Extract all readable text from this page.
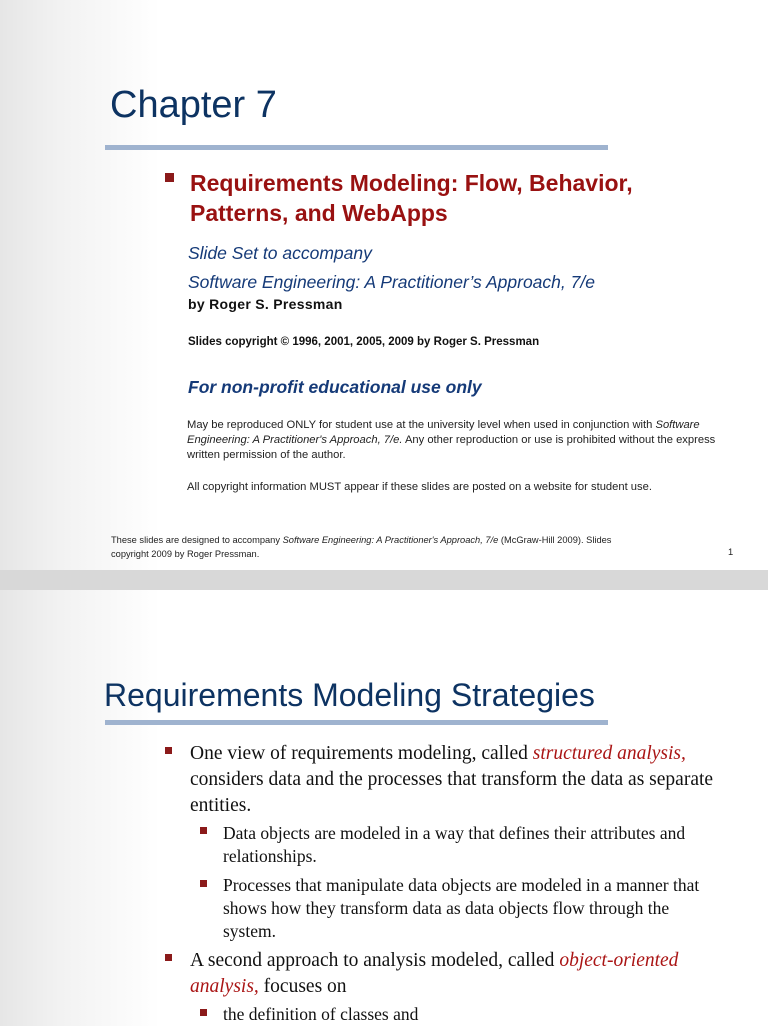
Chapter 7
Requirements Modeling: Flow, Behavior, Patterns, and WebApps
Slide Set to accompany
Software Engineering: A Practitioner’s Approach, 7/e
by Roger S. Pressman
Slides copyright © 1996, 2001, 2005, 2009 by Roger S. Pressman
For non-profit educational use only
May be reproduced ONLY for student use at the university level when used in conjunction with Software Engineering: A Practitioner's Approach, 7/e. Any other reproduction or use is prohibited without the express written permission of the author.
All copyright information MUST appear if these slides are posted on a website for student use.
These slides are designed to accompany Software Engineering: A Practitioner's Approach, 7/e (McGraw-Hill 2009). Slides copyright 2009 by Roger Pressman.	1
Requirements Modeling Strategies
One view of requirements modeling, called structured analysis, considers data and the processes that transform the data as separate entities.
Data objects are modeled in a way that defines their attributes and relationships.
Processes that manipulate data objects are modeled in a manner that shows how they transform data as data objects flow through the system.
A second approach to analysis modeled, called object-oriented analysis, focuses on
the definition of classes and
